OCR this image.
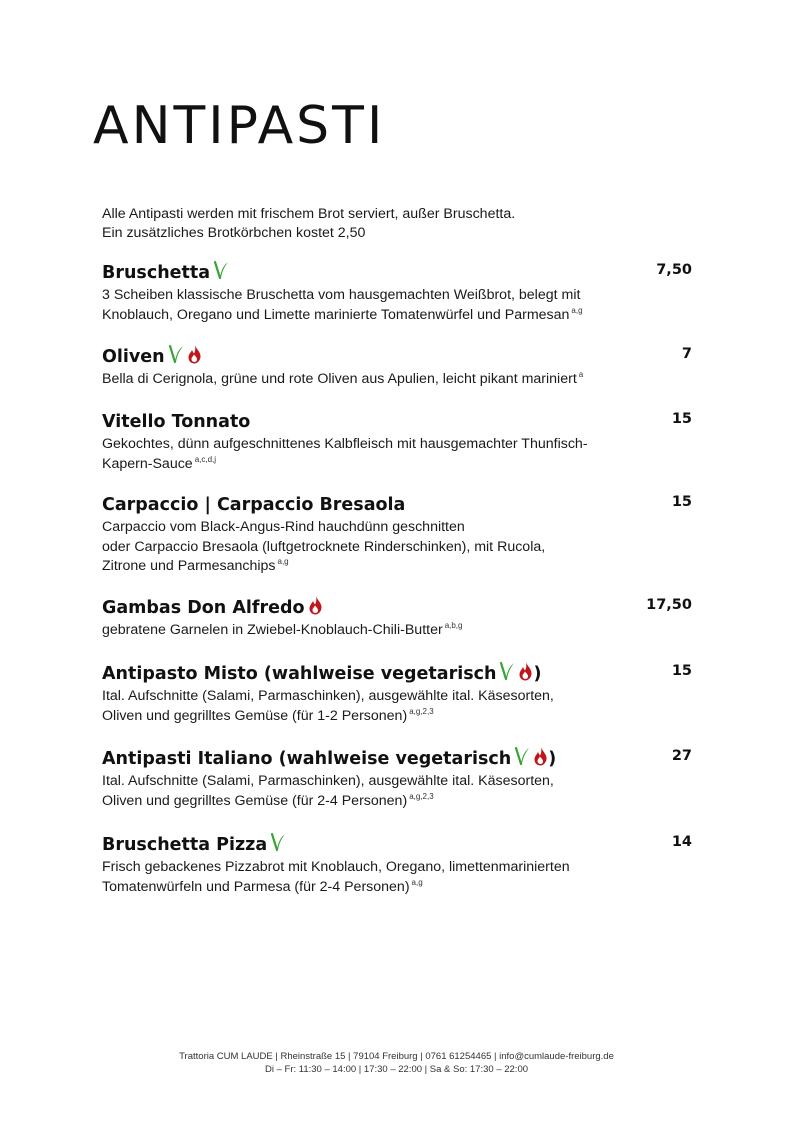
ANTIPASTI
Alle Antipasti werden mit frischem Brot serviert, außer Bruschetta.
Ein zusätzliches Brotkörbchen kostet 2,50
Bruschetta	7,50
3 Scheiben klassische Bruschetta vom hausgemachten Weißbrot, belegt mit
Knoblauch, Oregano und Limette marinierte Tomatenwürfel und Parmesan $^{a,g}$
Oliven	7
Bella di Cerignola, grüne und rote Oliven aus Apulien, leicht pikant mariniert $^a$
Vitello Tonnato	15
Gekochtes, dünn aufgeschnittenes Kalbfleisch mit hausgemachter Thunfisch-
Kapern-Sauce $^{a,c,d,j}$
Carpaccio | Carpaccio Bresaola	15
Carpaccio vom Black-Angus-Rind hauchdünn geschnitten
oder Carpaccio Bresaola (luftgetrocknete Rinderschinken), mit Rucola,
Zitrone und Parmesanchips $^{a,g}$
Gambas Don Alfredo	17,50
gebratene Garnelen in Zwiebel-Knoblauch-Chili-Butter $^{a,b,g}$
Antipasto Misto (wahlweise vegetarisch )	15
Ital. Aufschnitte (Salami, Parmaschinken), ausgewählte ital. Käsesorten,
Oliven und gegrilltes Gemüse (für 1-2 Personen) $^{a,g,2,3}$
Antipasti Italiano (wahlweise vegetarisch )	27
Ital. Aufschnitte (Salami, Parmaschinken), ausgewählte ital. Käsesorten,
Oliven und gegrilltes Gemüse (für 2-4 Personen) $^{a,g,2,3}$
Bruschetta Pizza	14
Frisch gebackenes Pizzabrot mit Knoblauch, Oregano, limettenmarinierten
Tomatenwürfeln und Parmesa (für 2-4 Personen) $^{a,g}$
Trattoria CUM LAUDE | Rheinstraße 15 | 79104 Freiburg | 0761 61254465 | info@cumlaude-freiburg.de
Di – Fr: 11:30 – 14:00 | 17:30 – 22:00 | Sa & So: 17:30 – 22:00
